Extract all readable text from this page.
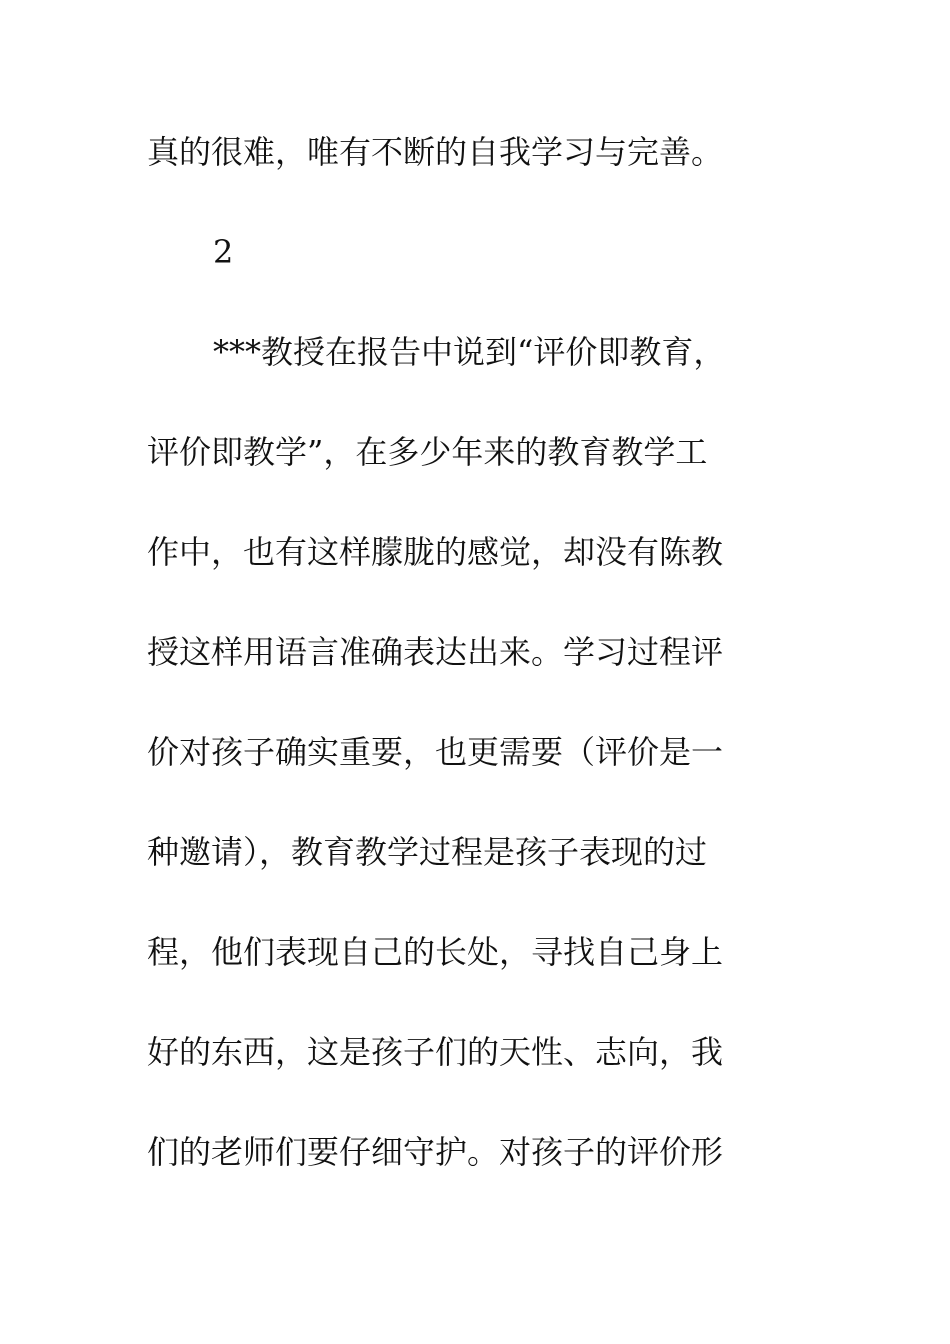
真的很难，唯有不断的自我学习与完善。
2
***教授在报告中说到“评价即教育，
评价即教学”，在多少年来的教育教学工
作中，也有这样朦胧的感觉，却没有陈教
授这样用语言准确表达出来。学习过程评
价对孩子确实重要，也更需要（评价是一
种邀请），教育教学过程是孩子表现的过
程，他们表现自己的长处，寻找自己身上
好的东西，这是孩子们的天性、志向，我
们的老师们要仔细守护。对孩子的评价形
